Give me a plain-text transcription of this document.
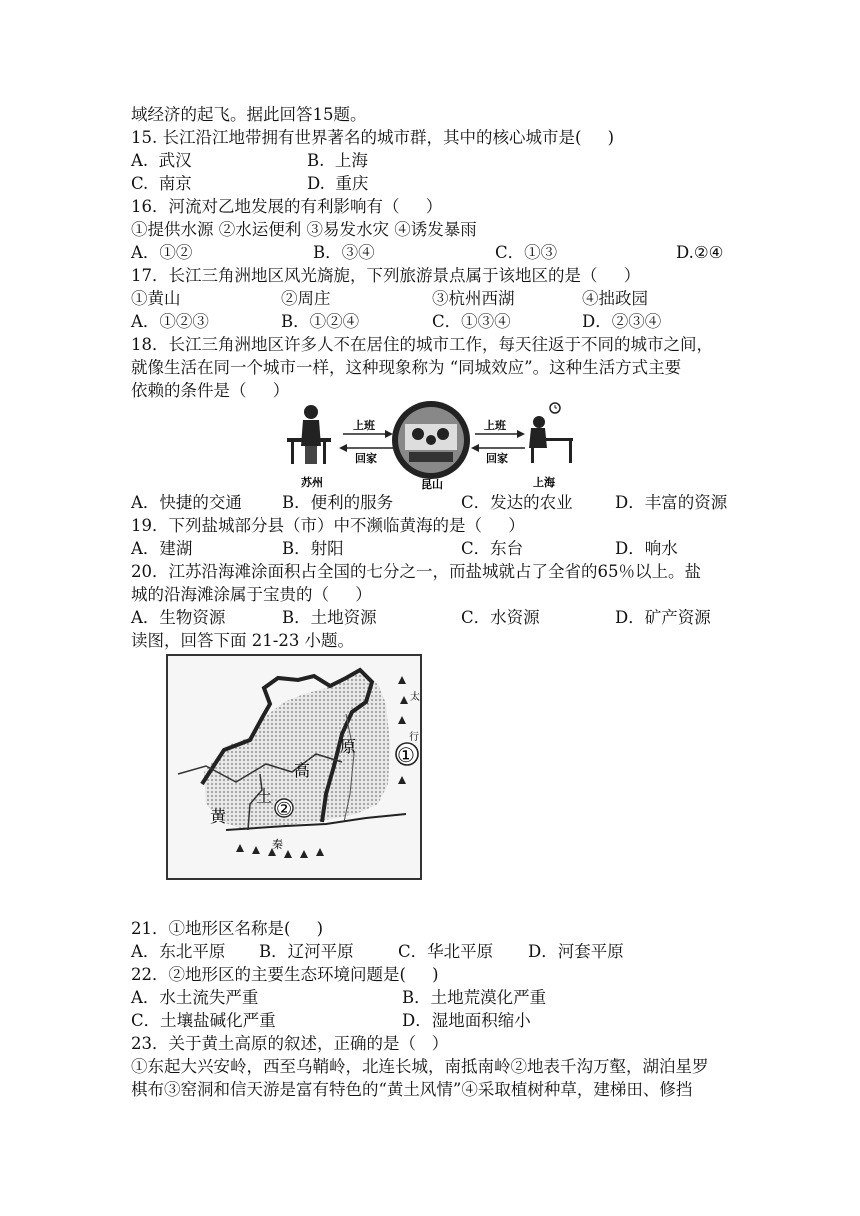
域经济的起飞。据此回答15题。
15. 长江沿江地带拥有世界著名的城市群，其中的核心城市是(     )
A.  武汉	B.  上海
C.  南京	D.  重庆
16．河流对乙地发展的有利影响有（     ）
①提供水源 ②水运便利 ③易发水灾 ④诱发暴雨
A．①②	B．③④	C．①③	D.②④
17．长江三角洲地区风光旖旎，下列旅游景点属于该地区的是（     ）
①黄山	②周庄	③杭州西湖	④拙政园
A．①②③	B．①②④	C．①③④	D．②③④
18．长江三角洲地区许多人不在居住的城市工作，每天往返于不同的城市之间，
就像生活在同一个城市一样，这种现象称为 “同城效应”。这种生活方式主要
依赖的条件是（     ）
上班
回家
上班
回家
苏州	昆山	上海
A．快捷的交通 B．便利的服务	C．发达的农业	D．丰富的资源
19．下列盐城部分县（市）中不濒临黄海的是（     ）
A．建湖	B．射阳	C．东台	D．响水
20．江苏沿海滩涂面积占全国的七分之一，而盐城就占了全省的65％以上。盐
城的沿海滩涂属于宝贵的（     ）
A．生物资源	B．土地资源	C．水资源	D．矿产资源
读图，回答下面 21-23 小题。
①
②
高
原
土
黄
秦
太
行
21．①地形区名称是(     )
A．东北平原 B．辽河平原	C．华北平原 D．河套平原
22．②地形区的主要生态环境问题是(     )
A．水土流失严重	B．土地荒漠化严重
C．土壤盐碱化严重	D．湿地面积缩小
23．关于黄土高原的叙述，正确的是（   ）
①东起大兴安岭，西至乌鞘岭，北连长城，南抵南岭②地表千沟万壑，湖泊星罗
棋布③窑洞和信天游是富有特色的“黄土风情”④采取植树种草，建梯田、修挡
